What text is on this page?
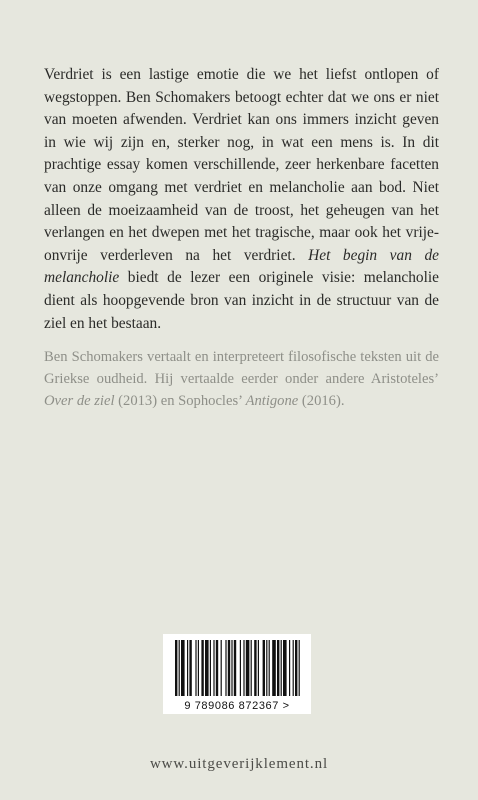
Verdriet is een lastige emotie die we het liefst ontlopen of wegstoppen. Ben Schomakers betoogt echter dat we ons er niet van moeten afwenden. Verdriet kan ons immers inzicht geven in wie wij zijn en, sterker nog, in wat een mens is. In dit prachtige essay komen verschillende, zeer herkenbare facetten van onze omgang met verdriet en melancholie aan bod. Niet alleen de moeizaamheid van de troost, het geheugen van het verlangen en het dwepen met het tragische, maar ook het vrije-onvrije verderleven na het verdriet. Het begin van de melancholie biedt de lezer een originele visie: melancholie dient als hoopgevende bron van inzicht in de structuur van de ziel en het bestaan.

Ben Schomakers vertaalt en interpreteert filosofische teksten uit de Griekse oudheid. Hij vertaalde eerder onder andere Aristoteles’ Over de ziel (2013) en Sophocles’ Antigone (2016).

9 789086 872367 >
www.uitgeverijklement.nl
